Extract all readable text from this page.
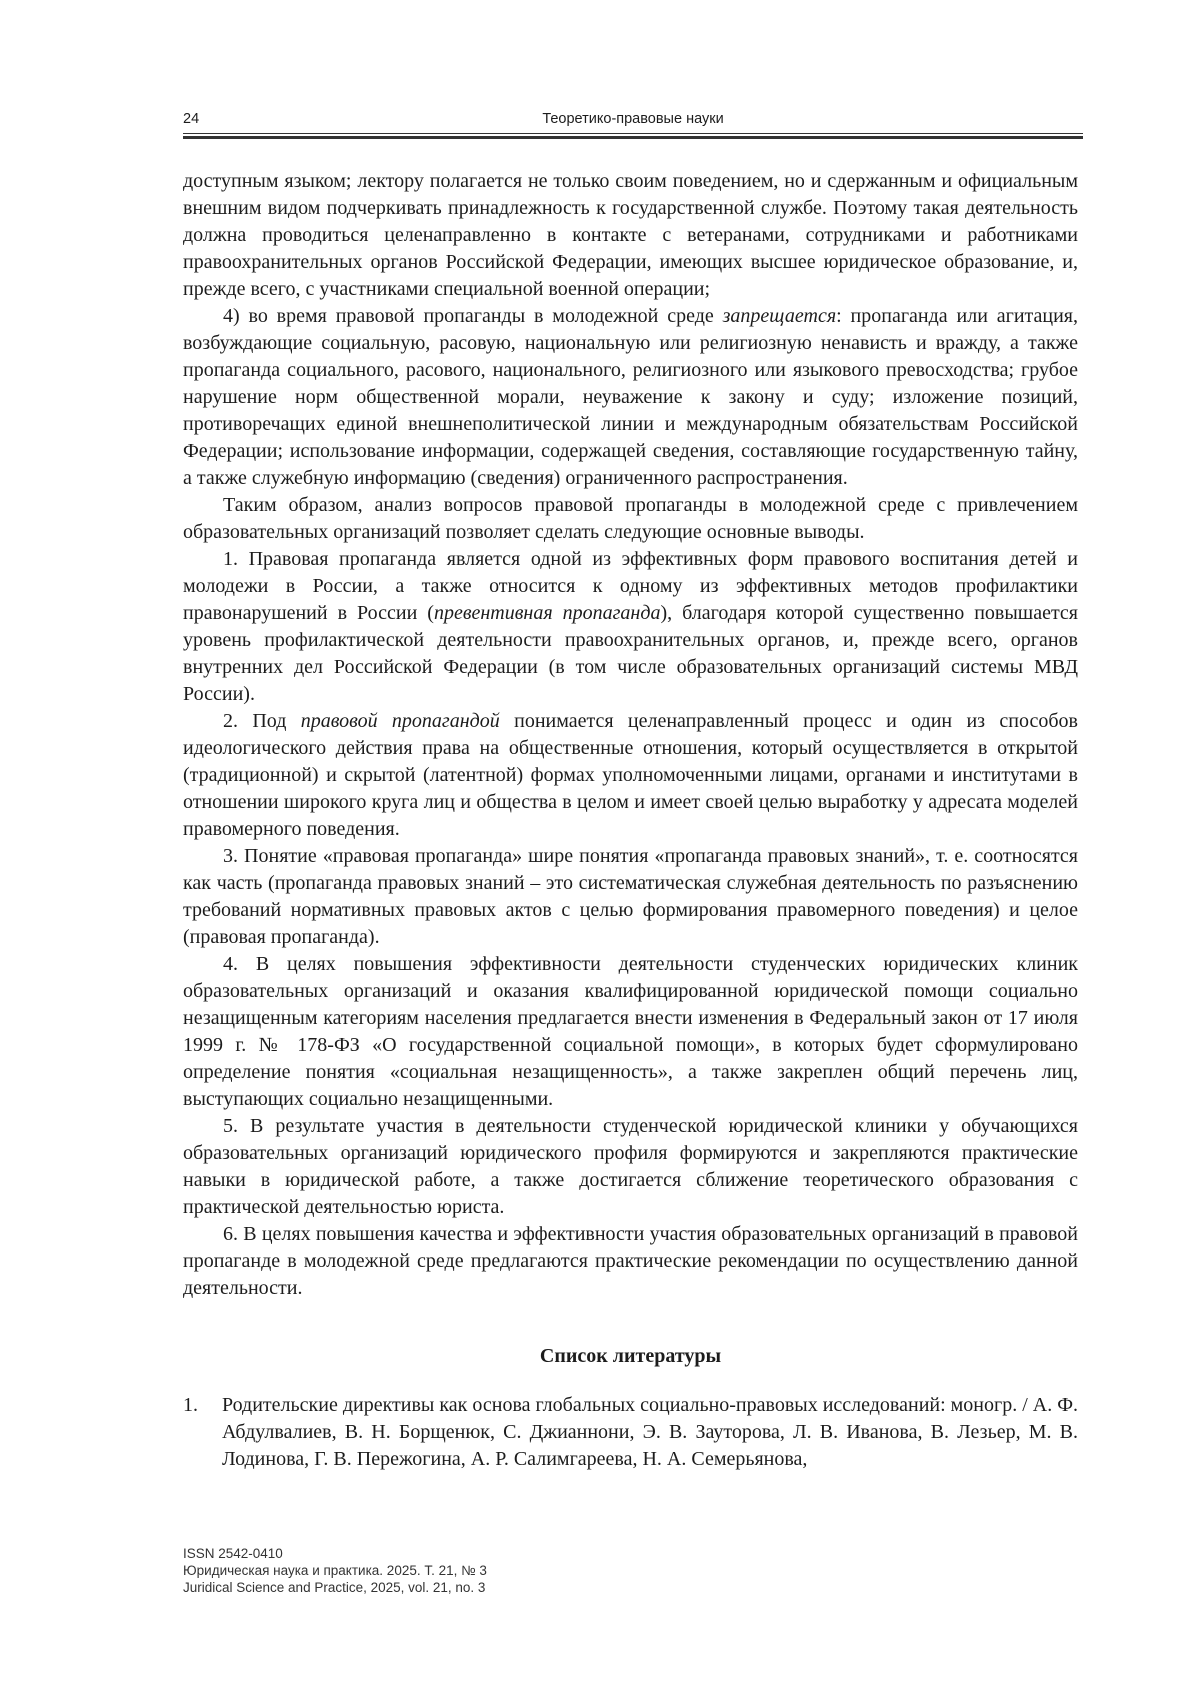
24	Теоретико-правовые науки

доступным языком; лектору полагается не только своим поведением, но и сдержанным и официальным внешним видом подчеркивать принадлежность к государственной службе. Поэтому такая деятельность должна проводиться целенаправленно в контакте с ветеранами, сотрудниками и работниками правоохранительных органов Российской Федерации, имеющих высшее юридическое образование, и, прежде всего, с участниками специальной военной операции;

4) во время правовой пропаганды в молодежной среде запрещается: пропаганда или агитация, возбуждающие социальную, расовую, национальную или религиозную ненависть и вражду, а также пропаганда социального, расового, национального, религиозного или языкового превосходства; грубое нарушение норм общественной морали, неуважение к закону и суду; изложение позиций, противоречащих единой внешнеполитической линии и международным обязательствам Российской Федерации; использование информации, содержащей сведения, составляющие государственную тайну, а также служебную информацию (сведения) ограниченного распространения.

Таким образом, анализ вопросов правовой пропаганды в молодежной среде с привлечением образовательных организаций позволяет сделать следующие основные выводы.

1. Правовая пропаганда является одной из эффективных форм правового воспитания детей и молодежи в России, а также относится к одному из эффективных методов профилактики правонарушений в России (превентивная пропаганда), благодаря которой существенно повышается уровень профилактической деятельности правоохранительных органов, и, прежде всего, органов внутренних дел Российской Федерации (в том числе образовательных организаций системы МВД России).

2. Под правовой пропагандой понимается целенаправленный процесс и один из способов идеологического действия права на общественные отношения, который осуществляется в открытой (традиционной) и скрытой (латентной) формах уполномоченными лицами, органами и институтами в отношении широкого круга лиц и общества в целом и имеет своей целью выработку у адресата моделей правомерного поведения.

3. Понятие «правовая пропаганда» шире понятия «пропаганда правовых знаний», т. е. соотносятся как часть (пропаганда правовых знаний – это систематическая служебная деятельность по разъяснению требований нормативных правовых актов с целью формирования правомерного поведения) и целое (правовая пропаганда).

4. В целях повышения эффективности деятельности студенческих юридических клиник образовательных организаций и оказания квалифицированной юридической помощи социально незащищенным категориям населения предлагается внести изменения в Федеральный закон от 17 июля 1999 г. № 178-ФЗ «О государственной социальной помощи», в которых будет сформулировано определение понятия «социальная незащищенность», а также закреплен общий перечень лиц, выступающих социально незащищенными.

5. В результате участия в деятельности студенческой юридической клиники у обучающихся образовательных организаций юридического профиля формируются и закрепляются практические навыки в юридической работе, а также достигается сближение теоретического образования с практической деятельностью юриста.

6. В целях повышения качества и эффективности участия образовательных организаций в правовой пропаганде в молодежной среде предлагаются практические рекомендации по осуществлению данной деятельности.

Список литературы
1. Родительские директивы как основа глобальных социально-правовых исследований: моногр. / А. Ф. Абдулвалиев, В. Н. Борщенюк, С. Джианнони, Э. В. Зауторова, Л. В. Иванова, В. Лезьер, М. В. Лодинова, Г. В. Пережогина, А. Р. Салимгареева, Н. А. Семерьянова,
ISSN 2542-0410
Юридическая наука и практика. 2025. Т. 21, № 3
Juridical Science and Practice, 2025, vol. 21, no. 3
